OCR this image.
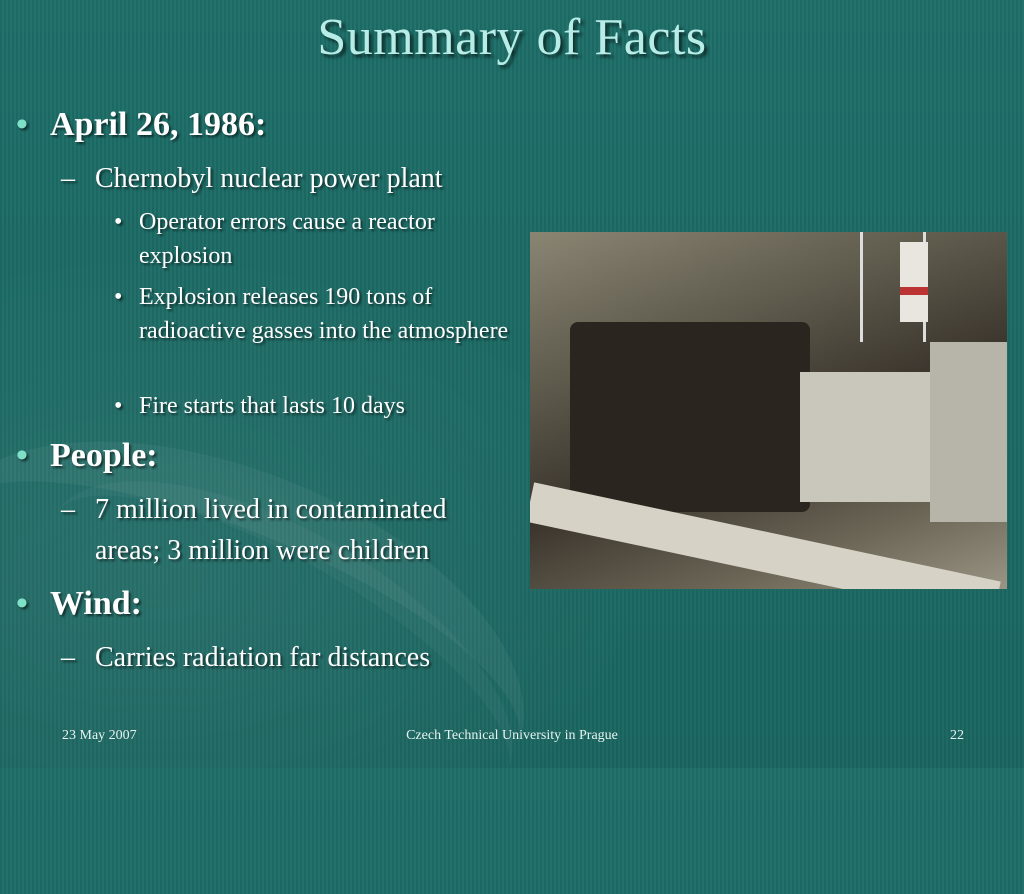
Summary of Facts
• April 26, 1986:
– Chernobyl nuclear power plant
• Operator errors cause a reactor explosion
• Explosion releases 190 tons of radioactive gasses into the atmosphere
• Fire starts that lasts 10 days
• People:
– 7 million lived in contaminated areas; 3 million were children
• Wind:
– Carries radiation far distances
23 May 2007	Czech Technical University in Prague	22
